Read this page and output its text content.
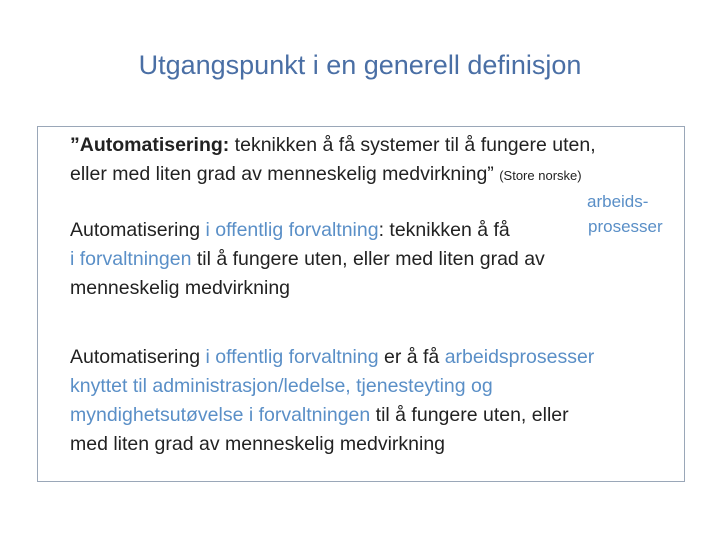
Utgangspunkt i en generell definisjon
”Automatisering: teknikken å få systemer til å fungere uten,
eller med liten grad av menneskelig medvirkning” (Store norske)
arbeids-
prosesser
Automatisering i offentlig forvaltning: teknikken å få
i forvaltningen til å fungere uten, eller med liten grad av
menneskelig medvirkning
Automatisering i offentlig forvaltning er å få arbeidsprosesser
knyttet til administrasjon/ledelse, tjenesteyting og
myndighetsutøvelse i forvaltningen til å fungere uten, eller
med liten grad av menneskelig medvirkning
